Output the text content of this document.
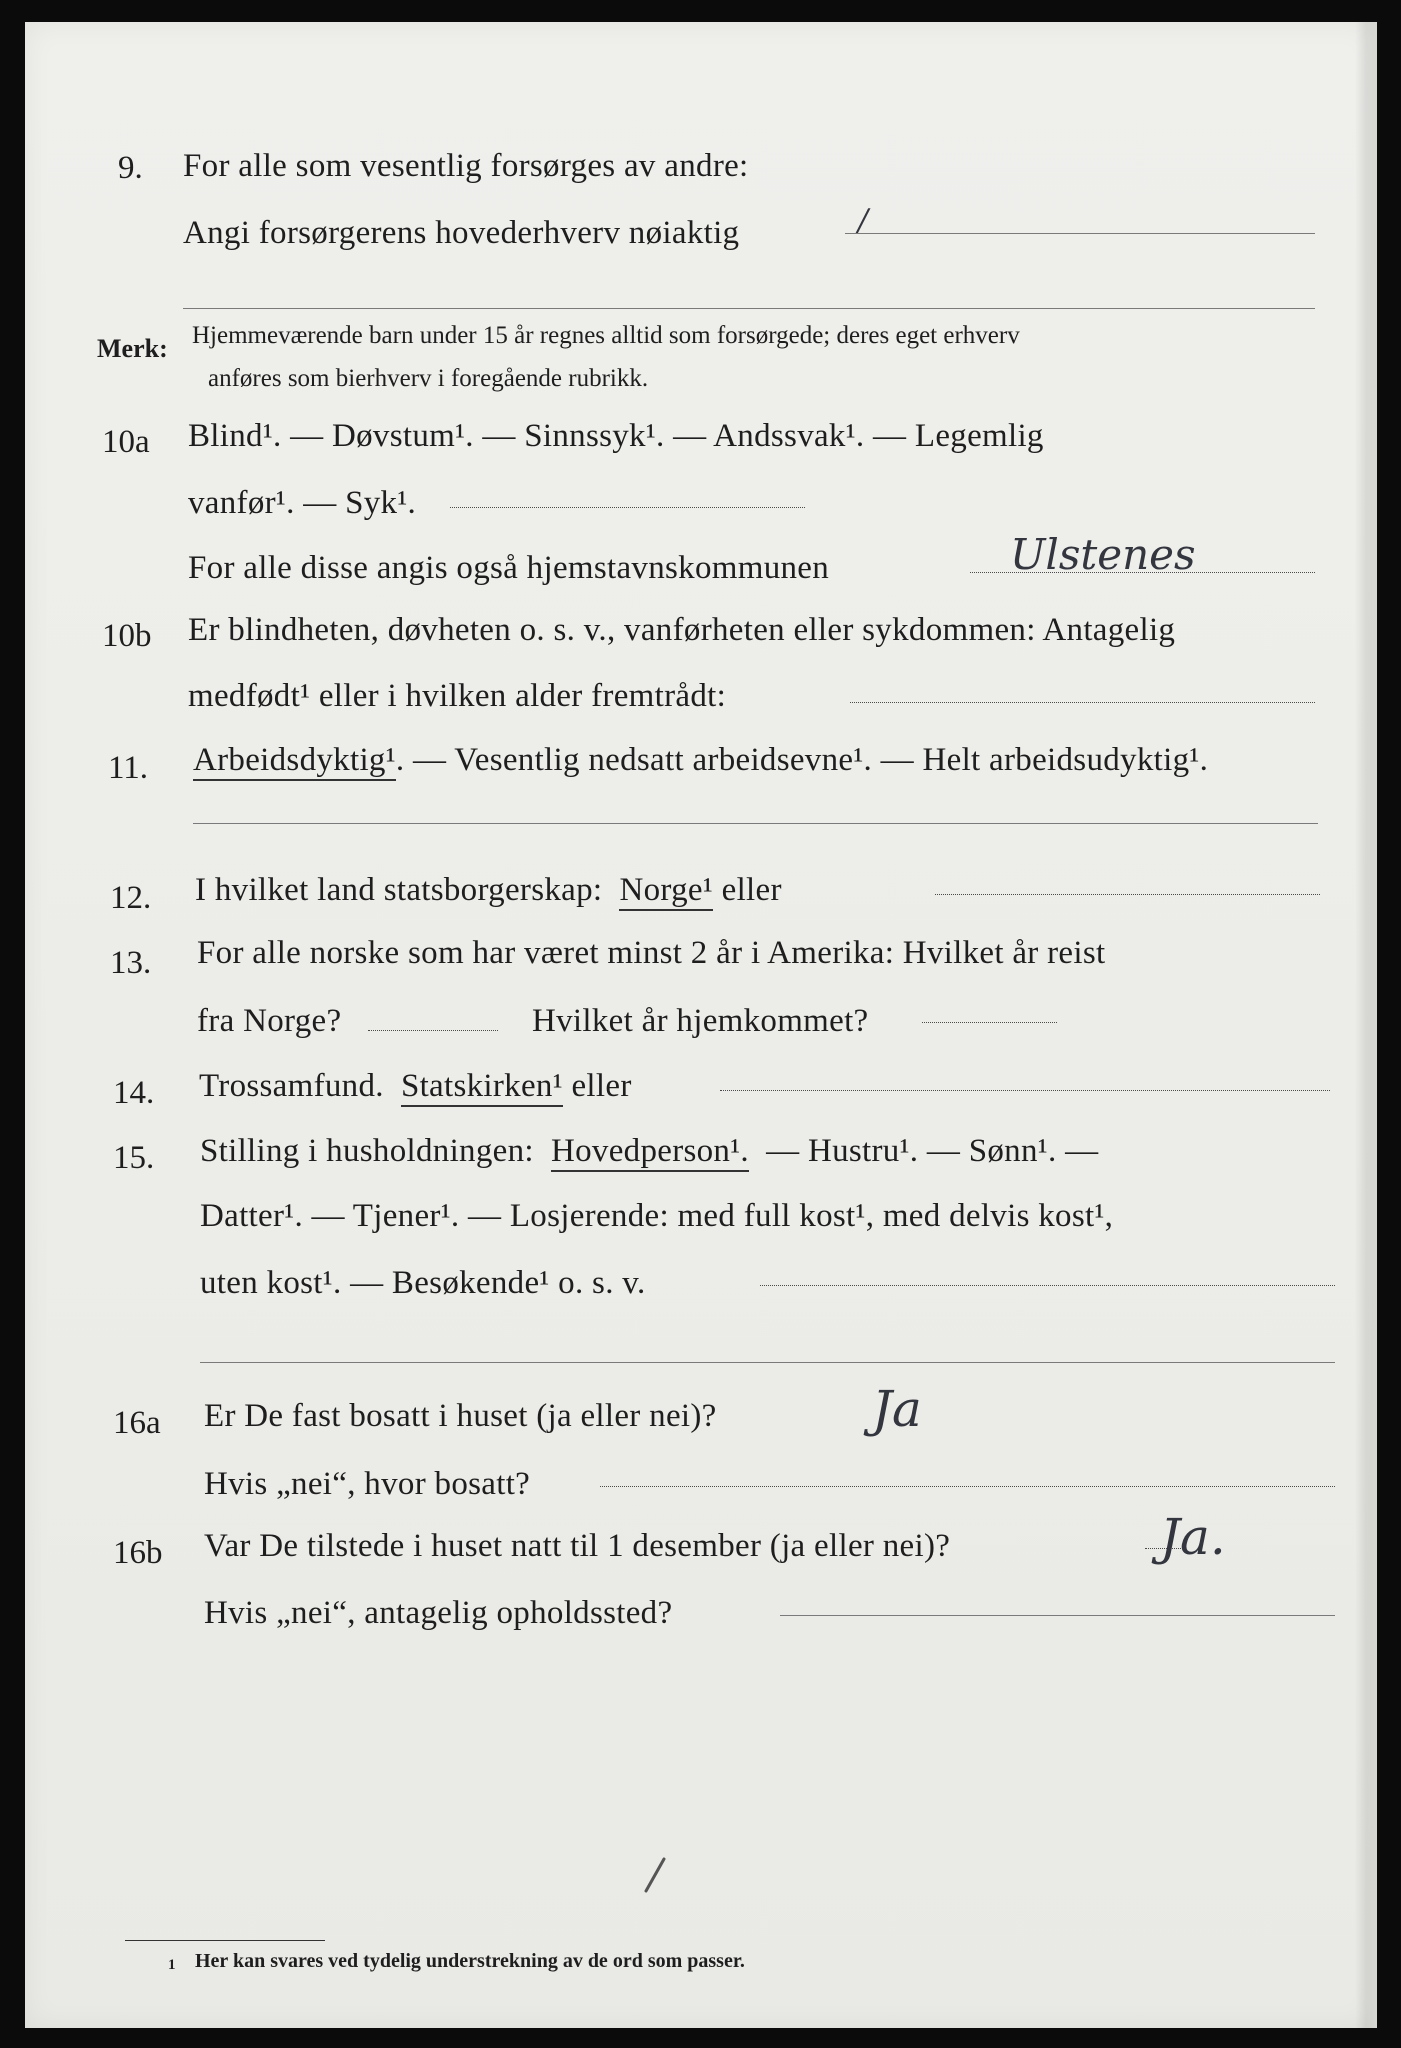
9. For alle som vesentlig forsørges av andre:
Angi forsørgerens hovederhverv nøiaktig	/
Merk: Hjemmeværende barn under 15 år regnes alltid som forsørgede; deres eget erhverv
anføres som bierhverv i foregående rubrikk.
10a Blind¹. — Døvstum¹. — Sinnssyk¹. — Andssvak¹. — Legemlig
vanfør¹. — Syk¹.
For alle disse angis også hjemstavnskommunen	Ulstenes
10b Er blindheten, døvheten o. s. v., vanførheten eller sykdommen: Antagelig
medfødt¹ eller i hvilken alder fremtrådt:
11. Arbeidsdyktig¹. — Vesentlig nedsatt arbeidsevne¹. — Helt arbeidsudyktig¹.
12. I hvilket land statsborgerskap: Norge¹ eller
13. For alle norske som har været minst 2 år i Amerika: Hvilket år reist
fra Norge?	Hvilket år hjemkommet?
14. Trossamfund. Statskirken¹ eller
15. Stilling i husholdningen: Hovedperson¹. — Hustru¹. — Sønn¹. —
Datter¹. — Tjener¹. — Losjerende: med full kost¹, med delvis kost¹,
uten kost¹. — Besøkende¹ o. s. v.
16a Er De fast bosatt i huset (ja eller nei)?	Ja
Hvis „nei“, hvor bosatt?
16b Var De tilstede i huset natt til 1 desember (ja eller nei)?	Ja.
Hvis „nei“, antagelig opholdssted?
1 Her kan svares ved tydelig understrekning av de ord som passer.
